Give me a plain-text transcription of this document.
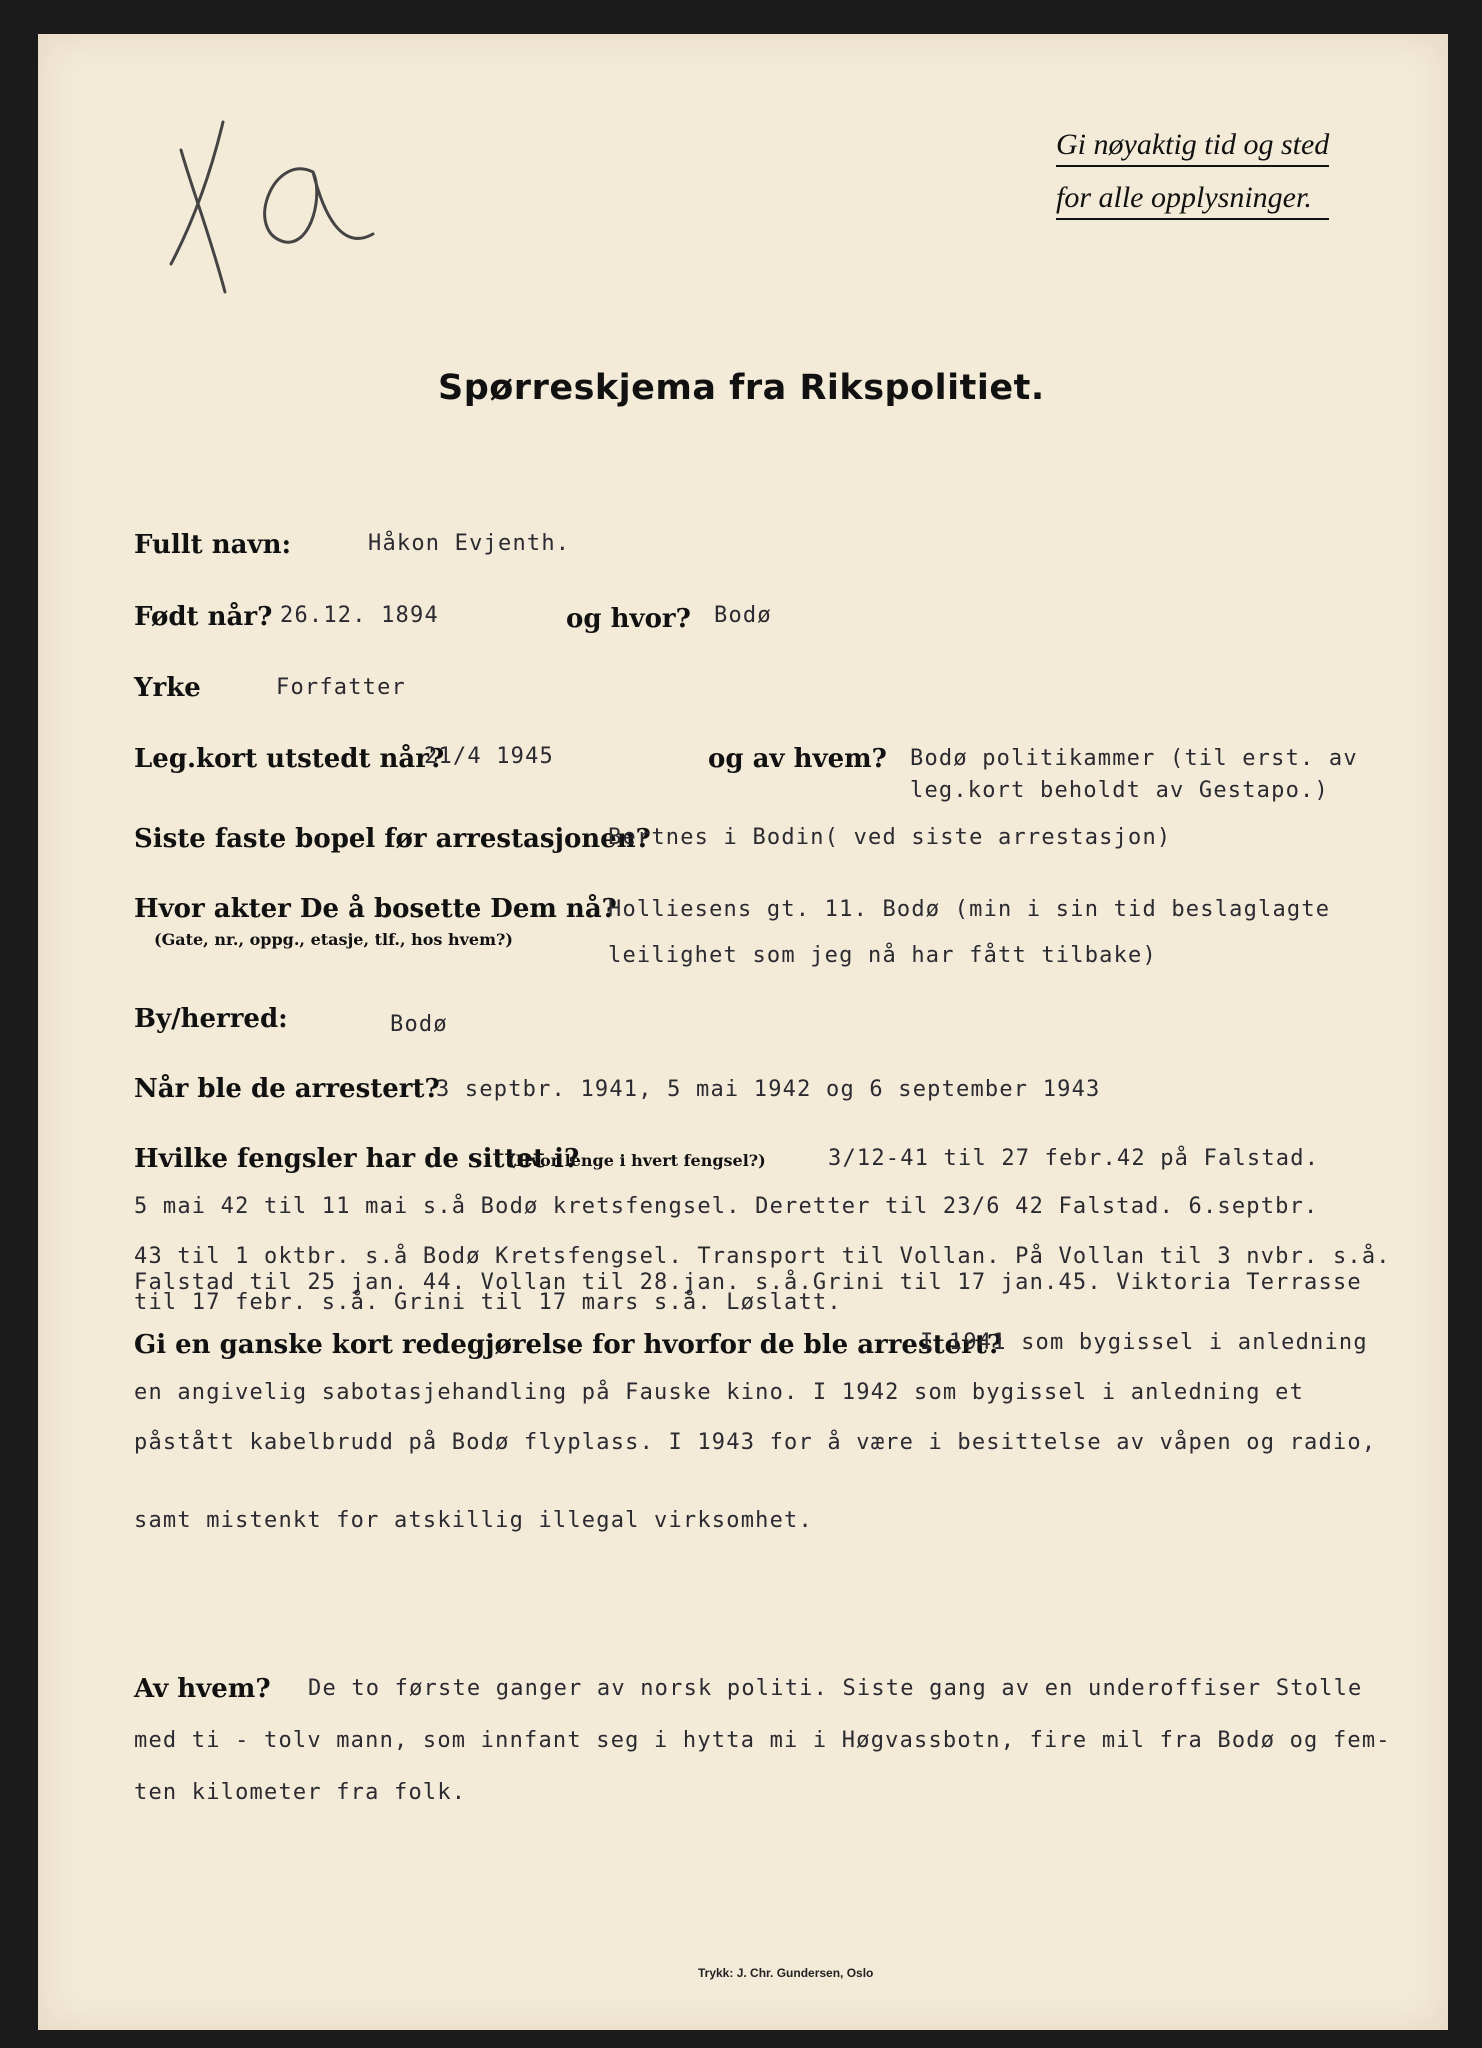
Gi nøyaktig tid og sted
for alle opplysninger.
Spørreskjema fra Rikspolitiet.
Fullt navn:	Håkon Evjenth.
Født når? 26.12. 1894	og hvor? Bodø
Yrke	Forfatter
Leg.kort utstedt når?
21/4 1945	og av hvem? Bodø politikammer (til erst. av
leg.kort beholdt av Gestapo.)
Siste faste bopel før arrestasjonen?
Bertnes i Bodin( ved siste arrestasjon)
Hvor akter De å bosette Dem nå?
(Gate, nr., oppg., etasje, tlf., hos hvem?)
Holliesens gt. 11. Bodø (min i sin tid beslaglagte
leilighet som jeg nå har fått tilbake)
By/herred:	Bodø
Når ble de arrestert?
3 septbr. 1941, 5 mai 1942 og 6 september 1943
Hvilke fengsler har de sittet i?
(Hvor lenge i hvert fengsel?)	3/12-41 til 27 febr.42 på Falstad.
5 mai 42 til 11 mai s.å Bodø kretsfengsel. Deretter til 23/6 42 Falstad. 6.septbr.
43 til 1 oktbr. s.å Bodø Kretsfengsel. Transport til Vollan. På Vollan til 3 nvbr. s.å.
Falstad til 25 jan. 44. Vollan til 28.jan. s.å.Grini til 17 jan.45. Viktoria Terrasse
til 17 febr. s.å. Grini til 17 mars s.å. Løslatt.
Gi en ganske kort redegjørelse for hvorfor de ble arrestert?
I 1941 som bygissel i anledning
en angivelig sabotasjehandling på Fauske kino. I 1942 som bygissel i anledning et
påstått kabelbrudd på Bodø flyplass. I 1943 for å være i besittelse av våpen og radio,
samt mistenkt for atskillig illegal virksomhet.
Av hvem? De to første ganger av norsk politi. Siste gang av en underoffiser Stolle
med ti - tolv mann, som innfant seg i hytta mi i Høgvassbotn, fire mil fra Bodø og fem-
ten kilometer fra folk.
Trykk: J. Chr. Gundersen, Oslo
